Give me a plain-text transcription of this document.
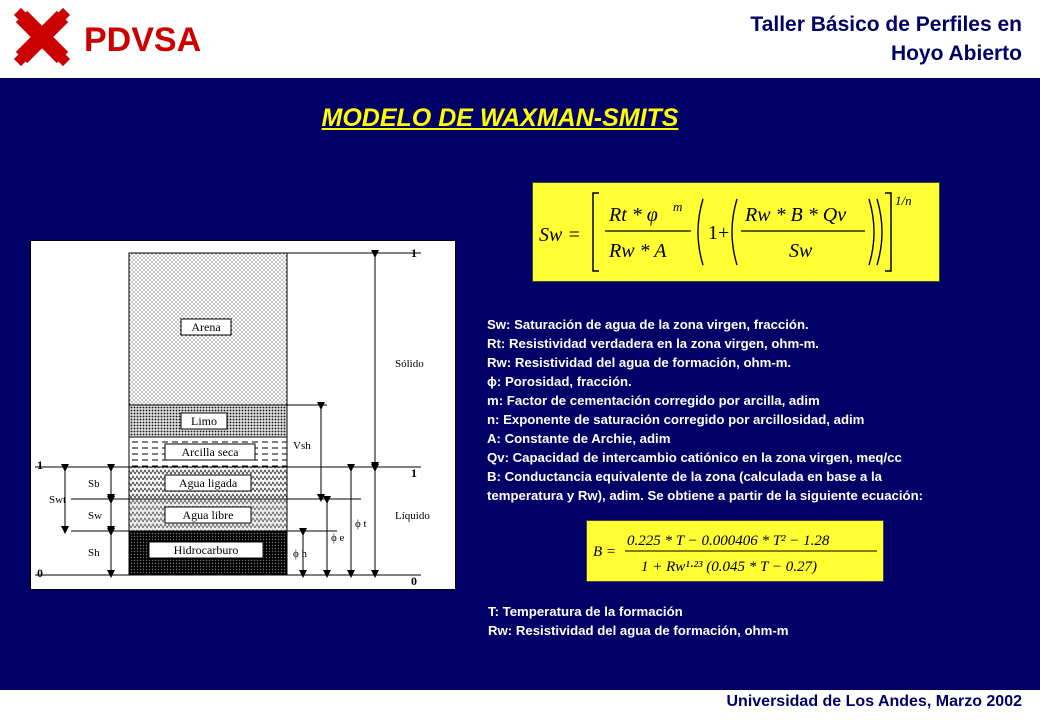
PDVSA	Taller Básico de Perfiles en
Hoyo Abierto
MODELO DE WAXMAN-SMITS
Arena
Limo
Arcilla seca
Agua ligada
Agua libre
Hidrocarburo
1
0
Swt
Sb
Sw
Sh
1
1
0
Sólido
Líquido
Vsh
ϕ t
ϕ e
ϕ h
Sw =
Rt * φ m
Rw * A
1+
Rw * B * Qv
Sw
1/n
Sw: Saturación de agua de la zona virgen, fracción.
Rt: Resistividad verdadera en la zona virgen, ohm-m.
Rw: Resistividad del agua de formación, ohm-m.
ϕ: Porosidad, fracción.
m: Factor de cementación corregido por arcilla, adim
n: Exponente de saturación corregido por arcillosidad, adim
A: Constante de Archie, adim
Qv: Capacidad de intercambio catiónico en la zona virgen, meq/cc
B: Conductancia equivalente de la zona (calculada en base a la
temperatura y Rw), adim. Se obtiene a partir de la siguiente ecuación:
B =
0.225 * T − 0.000406 * T² − 1.28
1 + Rw¹·²³ (0.045 * T − 0.27)
T: Temperatura de la formación
Rw: Resistividad del agua de formación, ohm-m
Universidad de Los Andes, Marzo 2002
